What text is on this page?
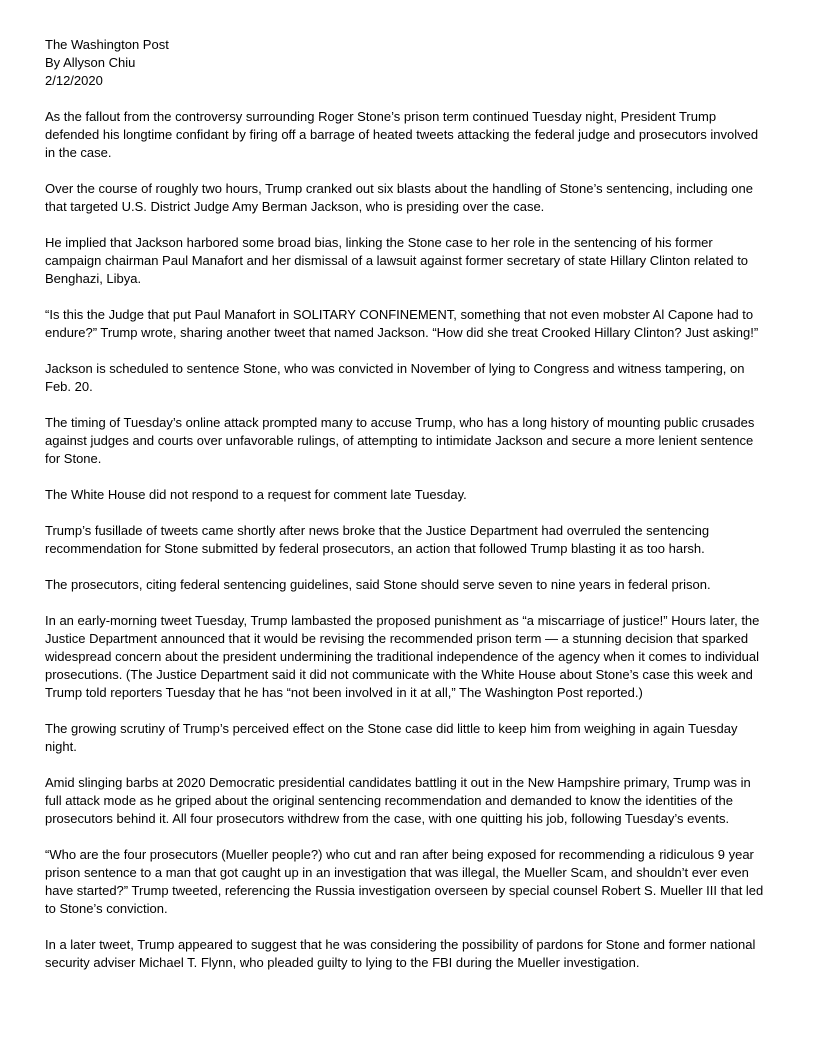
The Washington Post
By Allyson Chiu
2/12/2020

As the fallout from the controversy surrounding Roger Stone’s prison term continued Tuesday night, President Trump defended his longtime confidant by firing off a barrage of heated tweets attacking the federal judge and prosecutors involved in the case.

Over the course of roughly two hours, Trump cranked out six blasts about the handling of Stone’s sentencing, including one that targeted U.S. District Judge Amy Berman Jackson, who is presiding over the case.

He implied that Jackson harbored some broad bias, linking the Stone case to her role in the sentencing of his former campaign chairman Paul Manafort and her dismissal of a lawsuit against former secretary of state Hillary Clinton related to Benghazi, Libya.

“Is this the Judge that put Paul Manafort in SOLITARY CONFINEMENT, something that not even mobster Al Capone had to endure?” Trump wrote, sharing another tweet that named Jackson. “How did she treat Crooked Hillary Clinton? Just asking!”

Jackson is scheduled to sentence Stone, who was convicted in November of lying to Congress and witness tampering, on Feb. 20.

The timing of Tuesday’s online attack prompted many to accuse Trump, who has a long history of mounting public crusades against judges and courts over unfavorable rulings, of attempting to intimidate Jackson and secure a more lenient sentence for Stone.

The White House did not respond to a request for comment late Tuesday.

Trump’s fusillade of tweets came shortly after news broke that the Justice Department had overruled the sentencing recommendation for Stone submitted by federal prosecutors, an action that followed Trump blasting it as too harsh.

The prosecutors, citing federal sentencing guidelines, said Stone should serve seven to nine years in federal prison.

In an early-morning tweet Tuesday, Trump lambasted the proposed punishment as “a miscarriage of justice!” Hours later, the Justice Department announced that it would be revising the recommended prison term — a stunning decision that sparked widespread concern about the president undermining the traditional independence of the agency when it comes to individual prosecutions. (The Justice Department said it did not communicate with the White House about Stone’s case this week and Trump told reporters Tuesday that he has “not been involved in it at all,” The Washington Post reported.)

The growing scrutiny of Trump’s perceived effect on the Stone case did little to keep him from weighing in again Tuesday night.

Amid slinging barbs at 2020 Democratic presidential candidates battling it out in the New Hampshire primary, Trump was in full attack mode as he griped about the original sentencing recommendation and demanded to know the identities of the prosecutors behind it. All four prosecutors withdrew from the case, with one quitting his job, following Tuesday’s events.

“Who are the four prosecutors (Mueller people?) who cut and ran after being exposed for recommending a ridiculous 9 year prison sentence to a man that got caught up in an investigation that was illegal, the Mueller Scam, and shouldn’t ever even have started?” Trump tweeted, referencing the Russia investigation overseen by special counsel Robert S. Mueller III that led to Stone’s conviction.

In a later tweet, Trump appeared to suggest that he was considering the possibility of pardons for Stone and former national security adviser Michael T. Flynn, who pleaded guilty to lying to the FBI during the Mueller investigation.
